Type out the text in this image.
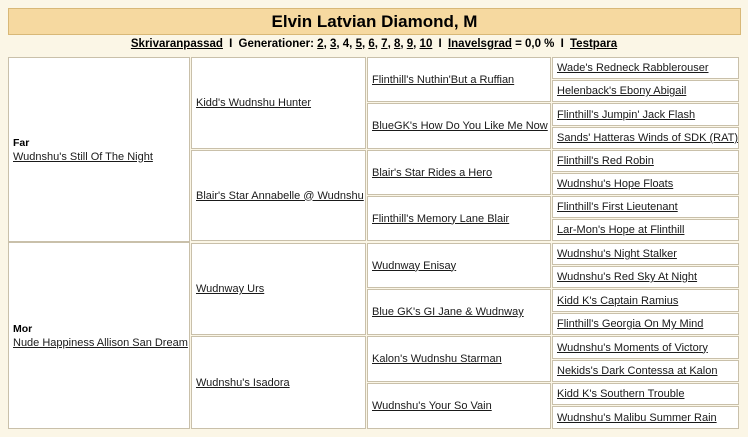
Elvin Latvian Diamond, M
Skrivaranpassad I Generationer: 2, 3, 4, 5, 6, 7, 8, 9, 10 I Inavelsgrad = 0,0 % I Testpara
Far
Wudnshu's Still Of The Night
Mor
Nude Happiness Allison San Dream
Kidd's Wudnshu Hunter
Blair's Star Annabelle @ Wudnshu
Wudnway Urs
Wudnshu's Isadora
Flinthill's Nuthin'But a Ruffian
BlueGK's How Do You Like Me Now
Blair's Star Rides a Hero
Flinthill's Memory Lane Blair
Wudnway Enisay
Blue GK's GI Jane & Wudnway
Kalon's Wudnshu Starman
Wudnshu's Your So Vain
Wade's Redneck Rabblerouser
Helenback's Ebony Abigail
Flinthill's Jumpin' Jack Flash
Sands' Hatteras Winds of SDK (RAT)
Flinthill's Red Robin
Wudnshu's Hope Floats
Flinthill's First Lieutenant
Lar-Mon's Hope at Flinthill
Wudnshu's Night Stalker
Wudnshu's Red Sky At Night
Kidd K's Captain Ramius
Flinthill's Georgia On My Mind
Wudnshu's Moments of Victory
Nekids's Dark Contessa at Kalon
Kidd K's Southern Trouble
Wudnshu's Malibu Summer Rain
